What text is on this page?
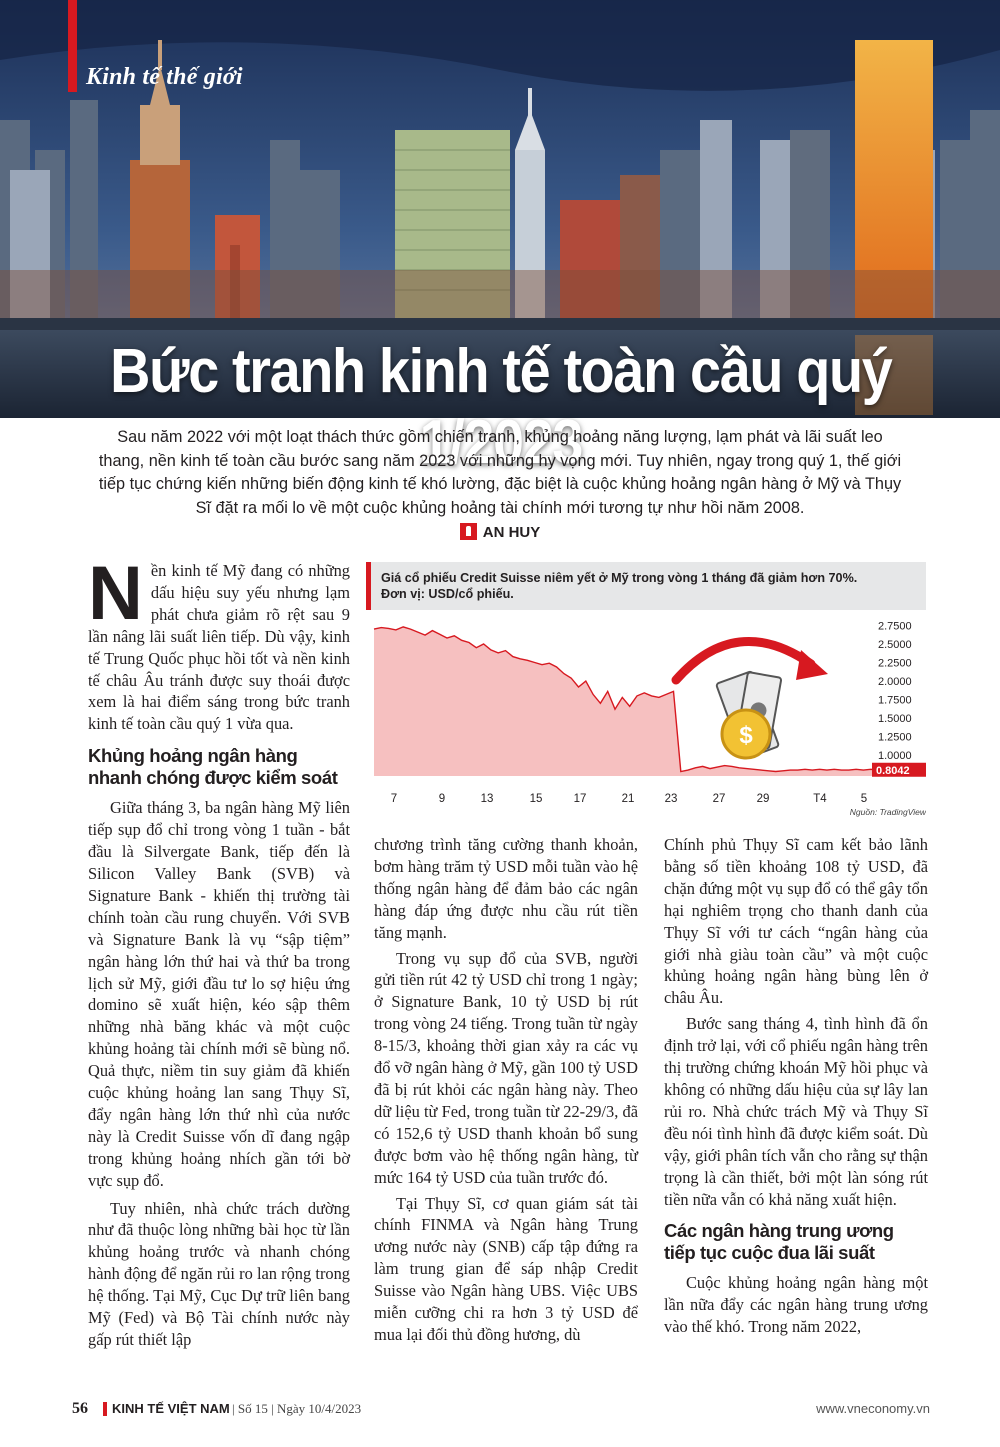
Kinh tế thế giới
Bức tranh kinh tế toàn cầu quý 1/2023
Sau năm 2022 với một loạt thách thức gồm chiến tranh, khủng hoảng năng lượng, lạm phát và lãi suất leo thang, nền kinh tế toàn cầu bước sang năm 2023 với những hy vọng mới. Tuy nhiên, ngay trong quý 1, thế giới tiếp tục chứng kiến những biến động kinh tế khó lường, đặc biệt là cuộc khủng hoảng ngân hàng ở Mỹ và Thụy Sĩ đặt ra mối lo về một cuộc khủng hoảng tài chính mới tương tự như hồi năm 2008.
AN HUY

Nền kinh tế Mỹ đang có những dấu hiệu suy yếu nhưng lạm phát chưa giảm rõ rệt sau 9 lần nâng lãi suất liên tiếp. Dù vậy, kinh tế Trung Quốc phục hồi tốt và nền kinh tế châu Âu tránh được suy thoái được xem là hai điểm sáng trong bức tranh kinh tế toàn cầu quý 1 vừa qua.

Khủng hoảng ngân hàng nhanh chóng được kiểm soát

Giữa tháng 3, ba ngân hàng Mỹ liên tiếp sụp đổ chỉ trong vòng 1 tuần - bắt đầu là Silvergate Bank, tiếp đến là Silicon Valley Bank (SVB) và Signature Bank - khiến thị trường tài chính toàn cầu rung chuyển. Với SVB và Signature Bank là vụ “sập tiệm” ngân hàng lớn thứ hai và thứ ba trong lịch sử Mỹ, giới đầu tư lo sợ hiệu ứng domino sẽ xuất hiện, kéo sập thêm những nhà băng khác và một cuộc khủng hoảng tài chính mới sẽ bùng nổ. Quả thực, niềm tin suy giảm đã khiến cuộc khủng hoảng lan sang Thụy Sĩ, đẩy ngân hàng lớn thứ nhì của nước này là Credit Suisse vốn dĩ đang ngập trong khủng hoảng nhích gần tới bờ vực sụp đổ.

Tuy nhiên, nhà chức trách dường như đã thuộc lòng những bài học từ lần khủng hoảng trước và nhanh chóng hành động để ngăn rủi ro lan rộng trong hệ thống. Tại Mỹ, Cục Dự trữ liên bang Mỹ (Fed) và Bộ Tài chính nước này gấp rút thiết lập

Giá cổ phiếu Credit Suisse niêm yết ở Mỹ trong vòng 1 tháng đã giảm hơn 70%.
Đơn vị: USD/cổ phiếu.
$
2.7500
2.5000
2.2500
2.0000
1.7500
1.5000
1.2500
1.0000
0.8042
7	9	13	15	17	21	23	27	29	T4	5
Nguồn: TradingView

chương trình tăng cường thanh khoản, bơm hàng trăm tỷ USD mỗi tuần vào hệ thống ngân hàng để đảm bảo các ngân hàng đáp ứng được nhu cầu rút tiền tăng mạnh.

Trong vụ sụp đổ của SVB, người gửi tiền rút 42 tỷ USD chỉ trong 1 ngày; ở Signature Bank, 10 tỷ USD bị rút trong vòng 24 tiếng. Trong tuần từ ngày 8-15/3, khoảng thời gian xảy ra các vụ đổ vỡ ngân hàng ở Mỹ, gần 100 tỷ USD đã bị rút khỏi các ngân hàng này. Theo dữ liệu từ Fed, trong tuần từ 22-29/3, đã có 152,6 tỷ USD thanh khoản bổ sung được bơm vào hệ thống ngân hàng, từ mức 164 tỷ USD của tuần trước đó.

Tại Thụy Sĩ, cơ quan giám sát tài chính FINMA và Ngân hàng Trung ương nước này (SNB) cấp tập đứng ra làm trung gian để sáp nhập Credit Suisse vào Ngân hàng UBS. Việc UBS miễn cưỡng chi ra hơn 3 tỷ USD để mua lại đối thủ đồng hương, dù

Chính phủ Thụy Sĩ cam kết bảo lãnh bằng số tiền khoảng 108 tỷ USD, đã chặn đứng một vụ sụp đổ có thể gây tổn hại nghiêm trọng cho thanh danh của Thụy Sĩ với tư cách “ngân hàng của giới nhà giàu toàn cầu” và một cuộc khủng hoảng ngân hàng bùng lên ở châu Âu.

Bước sang tháng 4, tình hình đã ổn định trở lại, với cổ phiếu ngân hàng trên thị trường chứng khoán Mỹ hồi phục và không có những dấu hiệu của sự lây lan rủi ro. Nhà chức trách Mỹ và Thụy Sĩ đều nói tình hình đã được kiểm soát. Dù vậy, giới phân tích vẫn cho rằng sự thận trọng là cần thiết, bởi một làn sóng rút tiền nữa vẫn có khả năng xuất hiện.

Các ngân hàng trung ương tiếp tục cuộc đua lãi suất

Cuộc khủng hoảng ngân hàng một lần nữa đẩy các ngân hàng trung ương vào thế khó. Trong năm 2022,

56 KINH TẾ VIỆT NAM | Số 15 | Ngày 10/4/2023	www.vneconomy.vn
